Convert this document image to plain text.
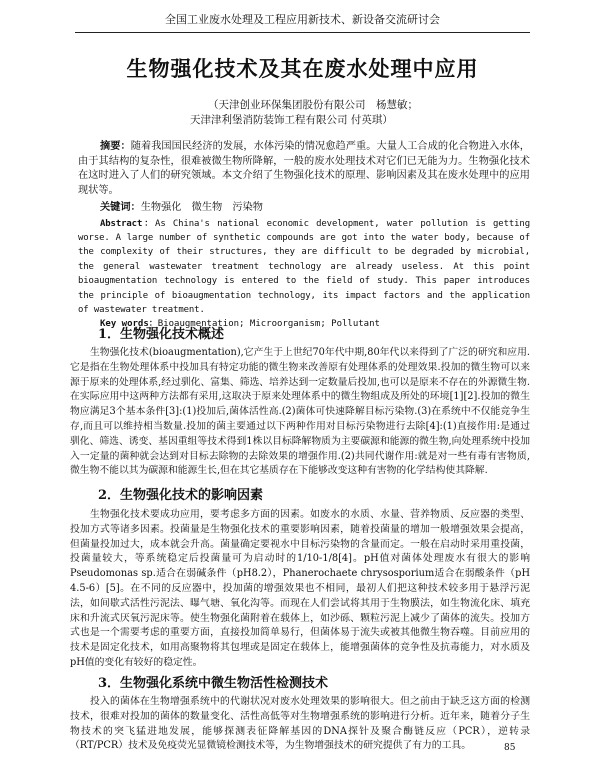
全国工业废水处理及工程应用新技术、新设备交流研讨会
生物强化技术及其在废水处理中应用
（天津创业环保集团股份有限公司　杨慧敏；
天津津利堡消防装饰工程有限公司 付英琪）
摘要：随着我国国民经济的发展，水体污染的情况愈趋严重。大量人工合成的化合物进入水体，由于其结构的复杂性，很难被微生物所降解，一般的废水处理技术对它们已无能为力。生物强化技术在这时进入了人们的研究领域。本文介绍了生物强化技术的原理、影响因素及其在废水处理中的应用现状等。
关键词：生物强化　微生物　污染物
Abstract：As China's national economic development, water pollution is getting worse. A large number of synthetic compounds are got into the water body, because of the complexity of their structures, they are difficult to be degraded by microbial, the general wastewater treatment technology are already useless. At this point bioaugmentation technology is entered to the field of study. This paper introduces the principle of bioaugmentation technology, its impact factors and the application of wastewater treatment.
Key words：Bioaugmentation; Microorganism; Pollutant
1．生物强化技术概述
生物强化技术(bioaugmentation),它产生于上世纪70年代中期,80年代以来得到了广泛的研究和应用.它是指在生物处理体系中投加具有特定功能的微生物来改善原有处理体系的处理效果.投加的微生物可以来源于原来的处理体系,经过驯化、富集、筛选、培养达到一定数量后投加,也可以是原来不存在的外源微生物.在实际应用中这两种方法都有采用,这取决于原来处理体系中的微生物组成及所处的环境[1][2].投加的微生物应满足3个基本条件[3]:(1)投加后,菌体活性高.(2)菌体可快速降解目标污染物.(3)在系统中不仅能竞争生存,而且可以维持相当数量.投加的菌主要通过以下两种作用对目标污染物进行去除[4]:(1)直接作用:是通过驯化、筛选、诱变、基因重组等技术得到1株以目标降解物质为主要碳源和能源的微生物,向处理系统中投加入一定量的菌种就会达到对目标去除物的去除效果的增强作用.(2)共同代谢作用:就是对一些有毒有害物质,微生物不能以其为碳源和能源生长,但在其它基质存在下能够改变这种有害物的化学结构使其降解.
2．生物强化技术的影响因素
生物强化技术要成功应用，要考虑多方面的因素。如废水的水质、水量、营养物质、反应器的类型、投加方式等诸多因素。投菌量是生物强化技术的重要影响因素，随着投菌量的增加一般增强效果会提高，但菌量投加过大，成本就会升高。菌量确定要视水中目标污染物的含量而定。一般在启动时采用重投菌，投菌量较大，等系统稳定后投菌量可为启动时的1/10-1/8[4]。pH值对菌体处理废水有很大的影响Pseudomonas sp.适合在弱碱条件（pH8.2），Phanerochaete chrysosporium适合在弱酸条件（pH 4.5-6）[5]。在不同的反应器中，投加菌的增强效果也不相同，最初人们把这种技术较多用于悬浮污泥法，如间歇式活性污泥法、曝气塘、氧化沟等。而现在人们尝试将其用于生物膜法，如生物流化床、填充床和升流式厌氧污泥床等。使生物强化菌附着在载体上，如沙砾、颗粒污泥上减少了菌体的流失。投加方式也是一个需要考虑的重要方面，直接投加简单易行，但菌体易于流失或被其他微生物吞噬。目前应用的技术是固定化技术，如用高聚物将其包埋或是固定在载体上，能增强菌体的竞争性及抗毒能力，对水质及pH值的变化有较好的稳定性。
3．生物强化系统中微生物活性检测技术
投入的菌体在生物增强系统中的代谢状况对废水处理效果的影响很大。但之前由于缺乏这方面的检测技术，很难对投加的菌体的数量变化、活性高低等对生物增强系统的影响进行分析。近年来，随着分子生物技术的突飞猛进地发展，能够探测表征降解基因的DNA探针及聚合酶链反应（PCR），逆转录（RT/PCR）技术及免疫荧光显微镜检测技术等，为生物增强技术的研究提供了有力的工具。	85
